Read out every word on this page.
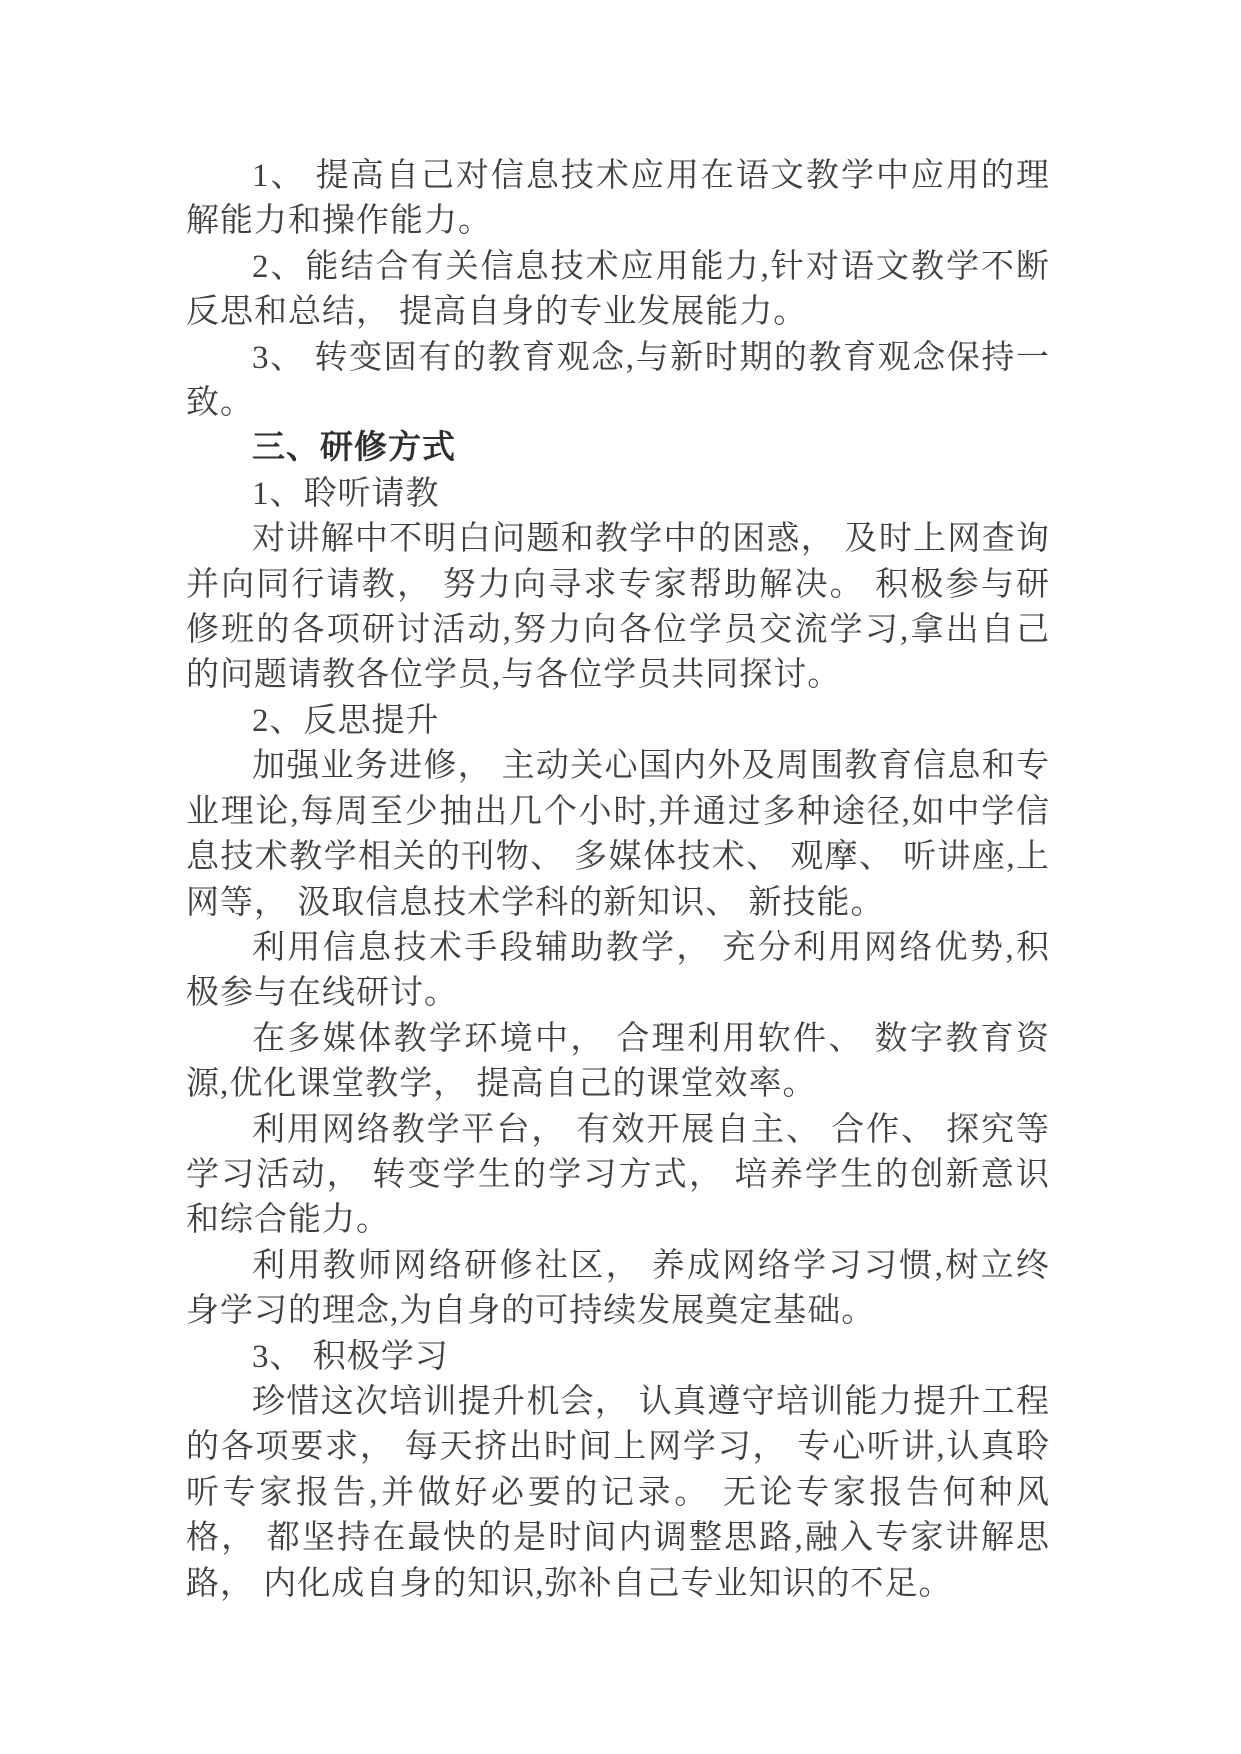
1、 提高自己对信息技术应用在语文教学中应用的理解能力和操作能力。

2、能结合有关信息技术应用能力,针对语文教学不断反思和总结， 提高自身的专业发展能力。

3、 转变固有的教育观念,与新时期的教育观念保持一致。

三、研修方式

1、聆听请教

对讲解中不明白问题和教学中的困惑， 及时上网查询并向同行请教， 努力向寻求专家帮助解决。 积极参与研修班的各项研讨活动,努力向各位学员交流学习,拿出自己的问题请教各位学员,与各位学员共同探讨。

2、反思提升

加强业务进修， 主动关心国内外及周围教育信息和专业理论,每周至少抽出几个小时,并通过多种途径,如中学信息技术教学相关的刊物、 多媒体技术、 观摩、 听讲座,上网等， 汲取信息技术学科的新知识、 新技能。

利用信息技术手段辅助教学， 充分利用网络优势,积极参与在线研讨。

在多媒体教学环境中， 合理利用软件、 数字教育资源,优化课堂教学， 提高自己的课堂效率。

利用网络教学平台， 有效开展自主、 合作、 探究等学习活动， 转变学生的学习方式， 培养学生的创新意识和综合能力。

利用教师网络研修社区， 养成网络学习习惯,树立终身学习的理念,为自身的可持续发展奠定基础。

3、 积极学习

珍惜这次培训提升机会， 认真遵守培训能力提升工程的各项要求， 每天挤出时间上网学习， 专心听讲,认真聆听专家报告,并做好必要的记录。 无论专家报告何种风格， 都坚持在最快的是时间内调整思路,融入专家讲解思路， 内化成自身的知识,弥补自己专业知识的不足。
